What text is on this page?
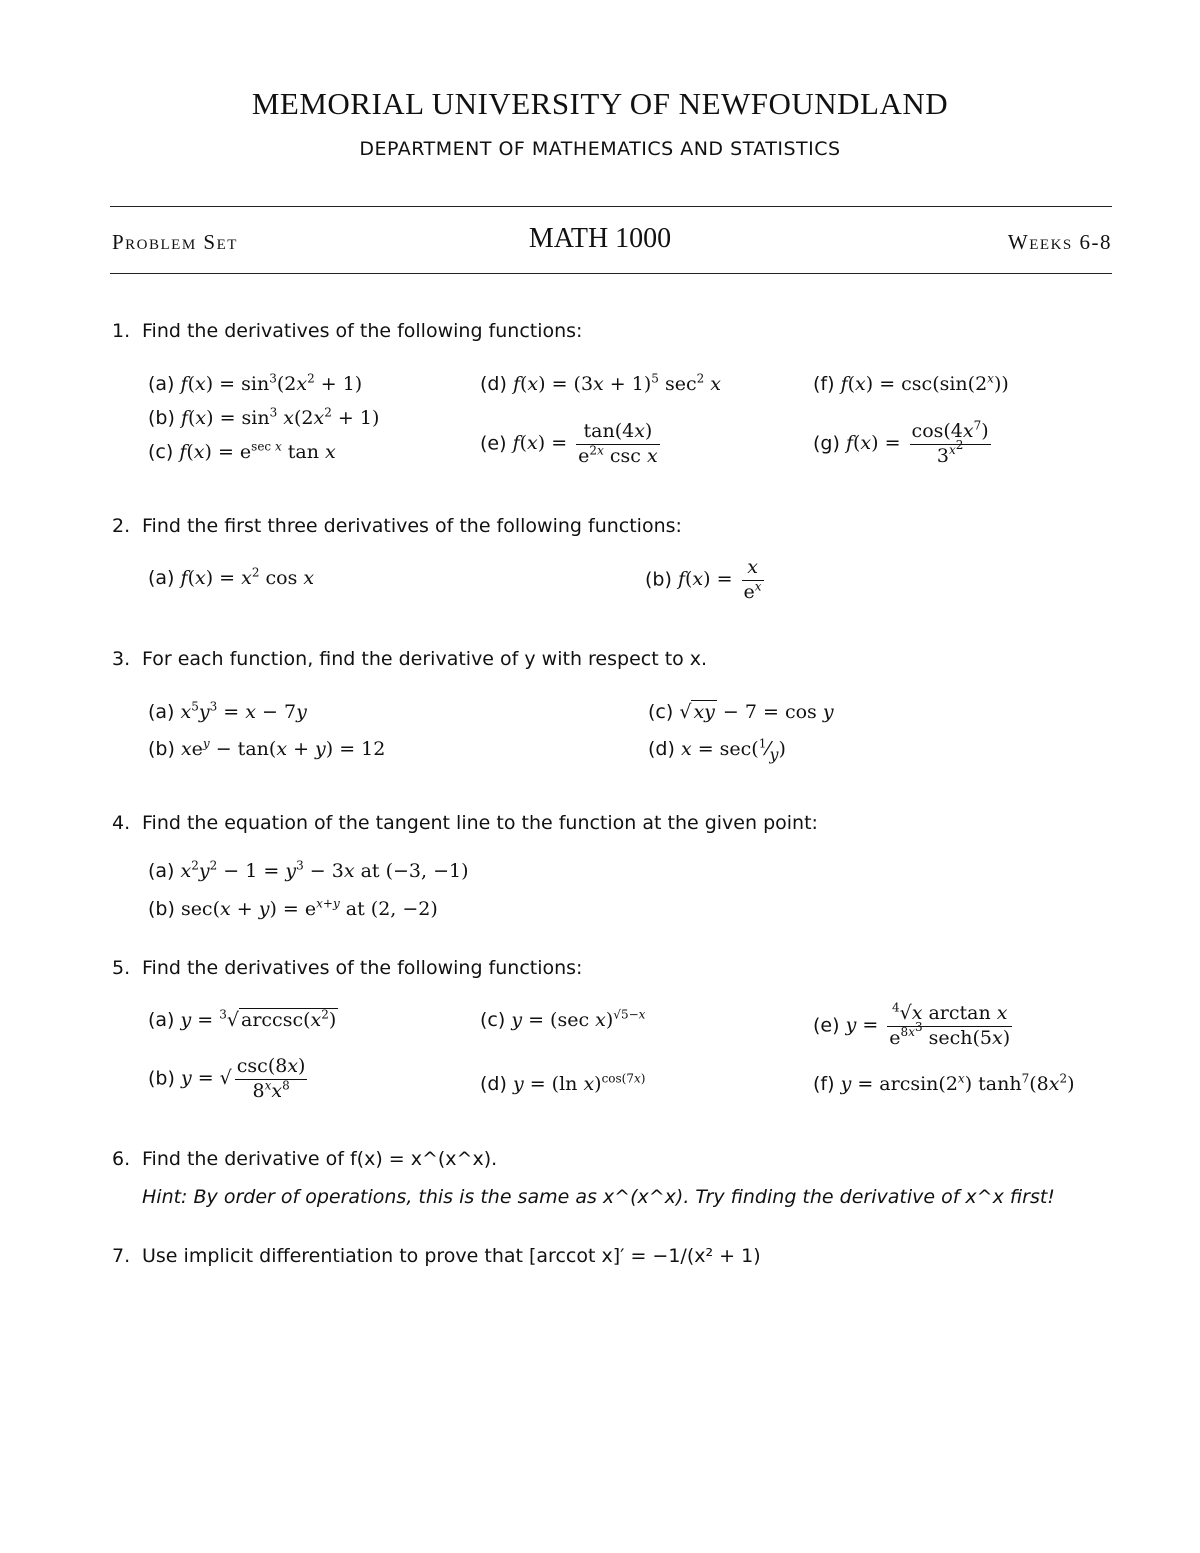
MEMORIAL UNIVERSITY OF NEWFOUNDLAND
DEPARTMENT OF MATHEMATICS AND STATISTICS
Problem Set	MATH 1000	Weeks 6-8
1. Find the derivatives of the following functions:
(a) $f(x) = \sin^3(2x^2 + 1)$
(b) $f(x) = \sin^3 x(2x^2 + 1)$
(c) $f(x) = e^{sec x}$ tan x
(d) $f(x) = (3x + 1)^5$ $\sec^2 x$
(e) $f(x) = \frac{\tan(4x)}{e^{2x} \csc x}$
(f) $f(x) = \csc(\sin(2^x))$
(g) $f(x) = \frac{\cos(4x^7)}{3^{x^2}}$
2. Find the first three derivatives of the following functions:
(a) $f(x) = x^2$ cos x	(b) $f(x) = \frac{x}{e^x}$
3. For each function, find the derivative of y with respect to x.
(a) $x^5y^3 = x - 7y$
(b) $xe^y - \tan(x + y) = 12$
(c) √ xy − 7 = cos y
(d) $x = \sec(^1⁄_y)$
4. Find the equation of the tangent line to the function at the given point:
(a) $x^2y^2 - 1 = y^3 - 3x$ at (−3, −1)
(b) $\sec(x + y) = e^{x+y}$ at (2, −2)
5. Find the derivatives of the following functions:
(a) y = $^3$√ $arccsc(x^2)$
(b) y = √ $\frac{\csc(8x)}{8^xx^8}$
(c) y = (sec x)$^{√5-x}$
(d) y = (ln x)$^{cos(7x)}$
(e) $y = \frac{^4√x \arctan x}{e^{8x^3} \sec h(5x)}$
(f) $y = \arcsin(2^x)$ $\tanh^7(8x^2)$
6. Find the derivative of f(x) = x^(x^x).
Hint: By order of operations, this is the same as x^(x^x). Try finding the derivative of x^x first!
7. Use implicit differentiation to prove that [arccot x]′ = −1/(x² + 1)
